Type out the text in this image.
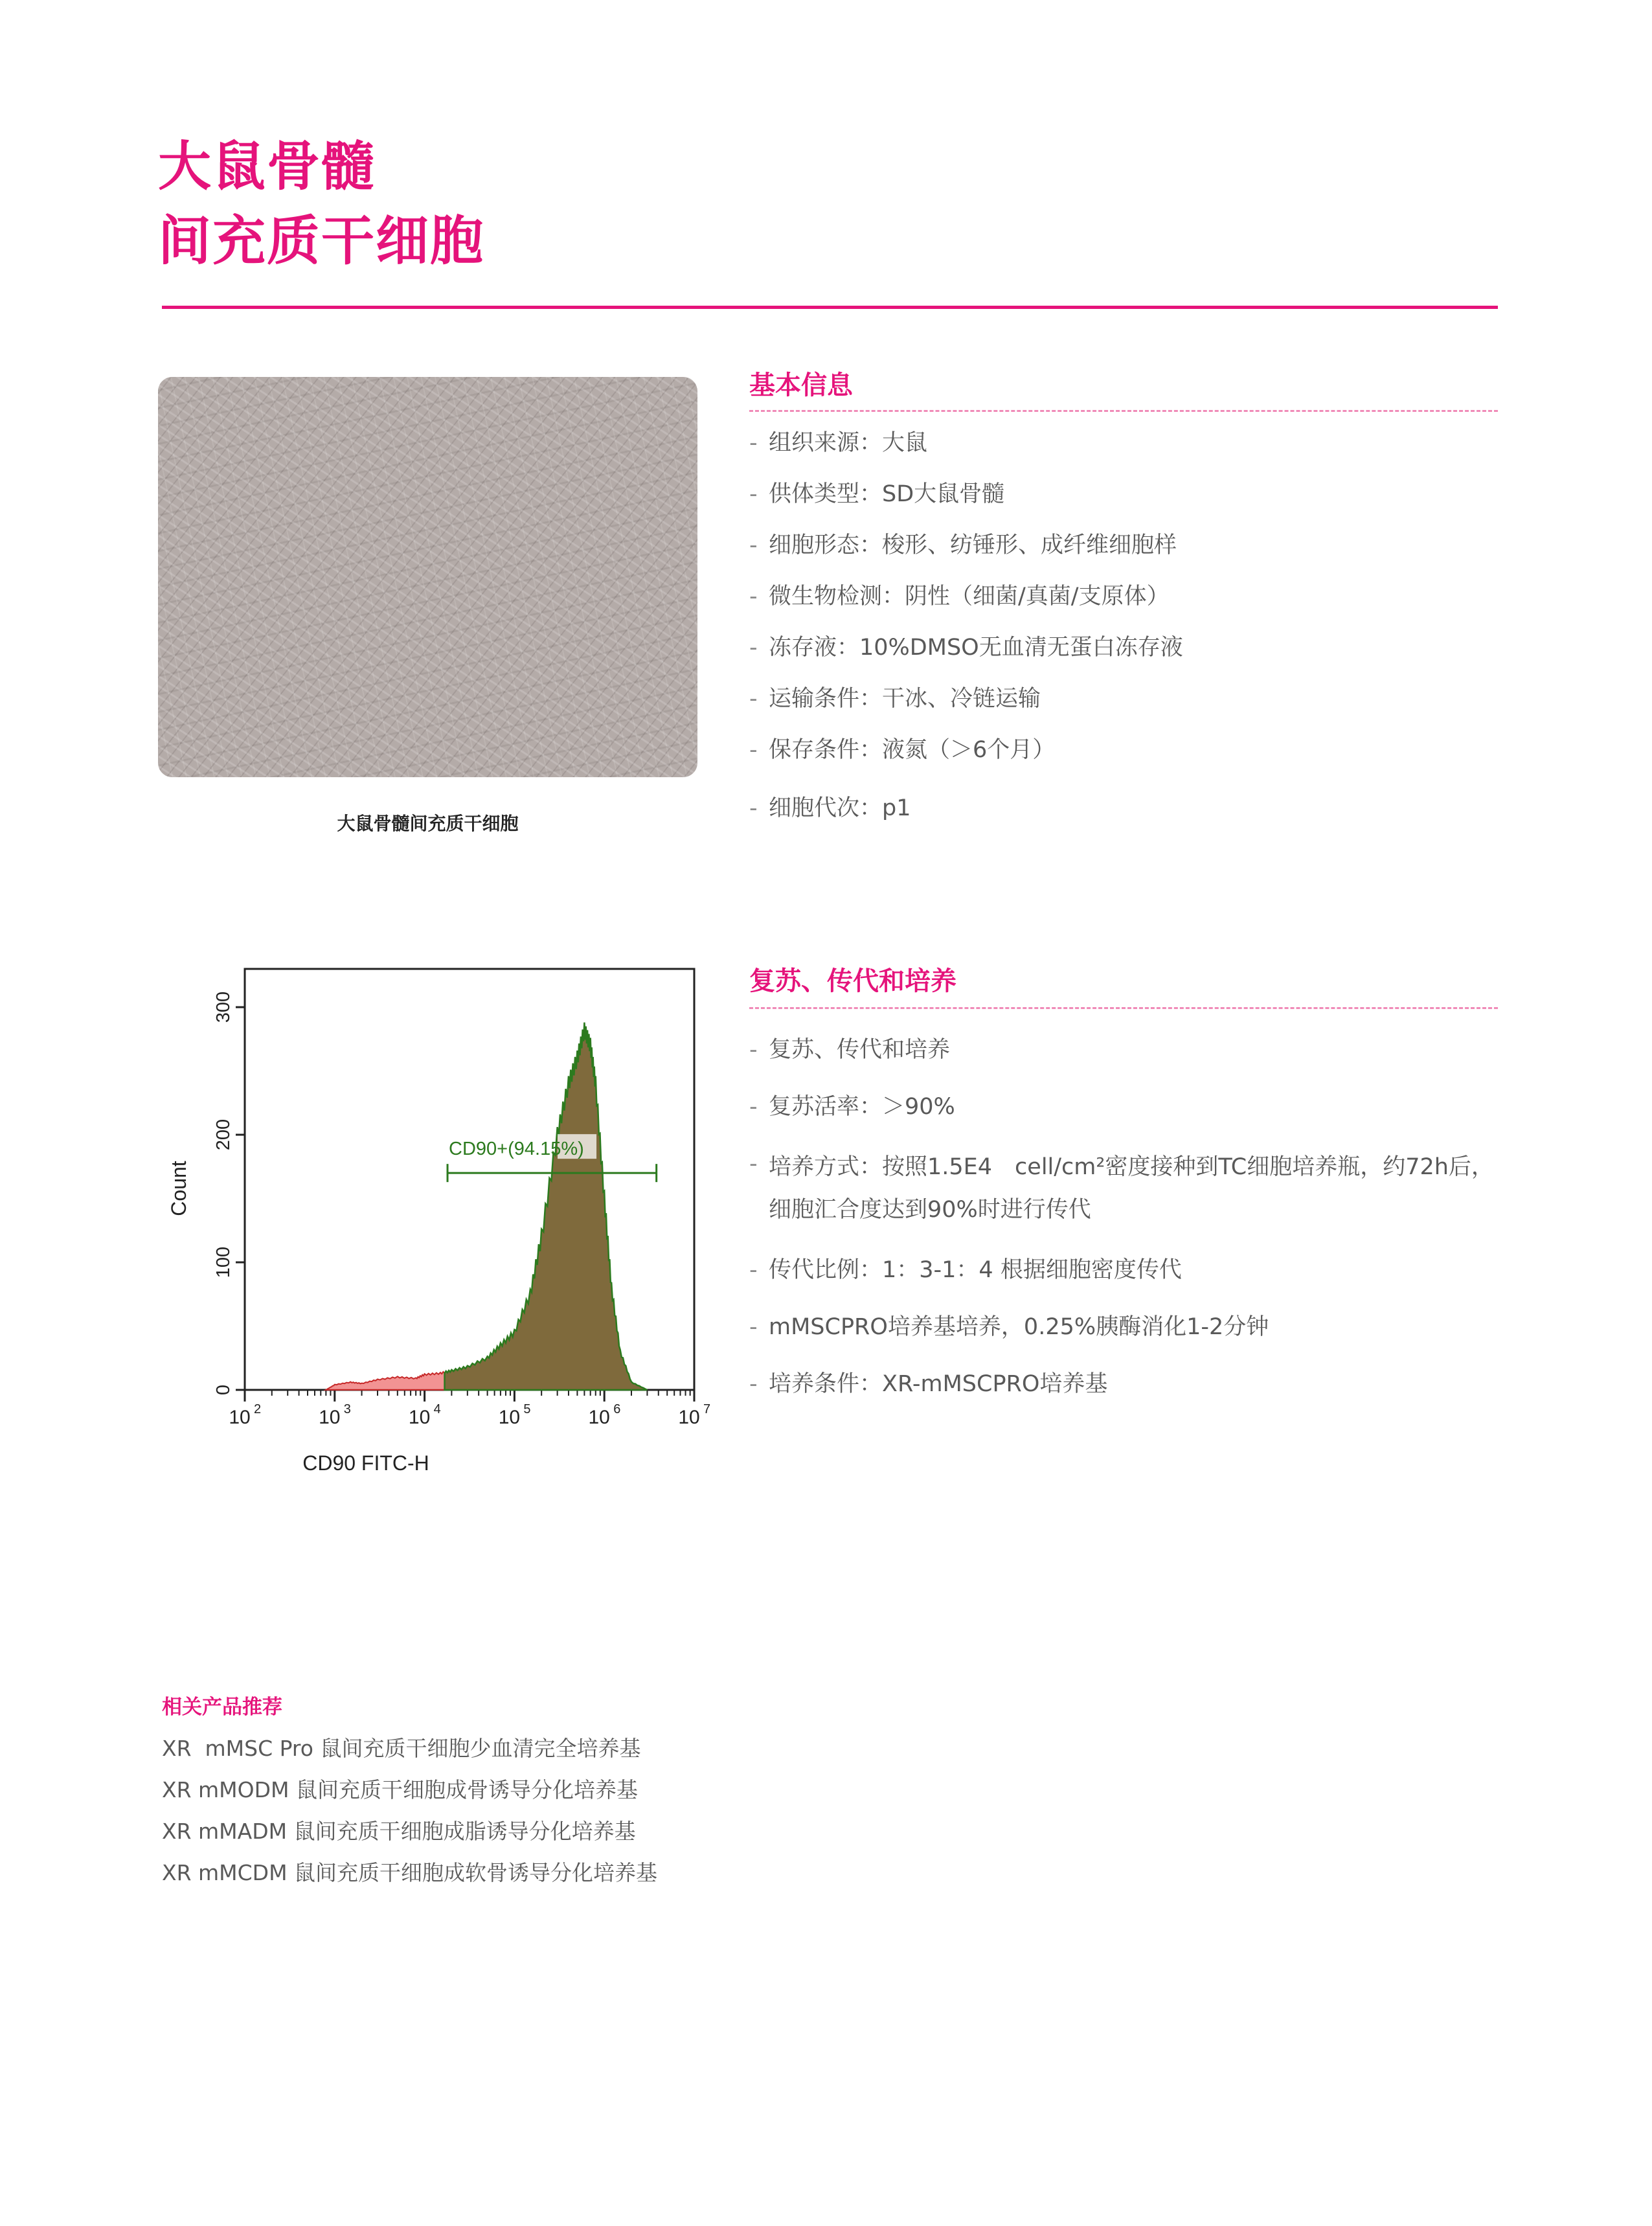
大鼠骨髓
间充质干细胞
大鼠骨髓间充质干细胞
基本信息
- 组织来源：大鼠
- 供体类型：SD大鼠骨髓
- 细胞形态：梭形、纺锤形、成纤维细胞样
- 微生物检测：阴性（细菌/真菌/支原体）
- 冻存液：10%DMSO无血清无蛋白冻存液
- 运输条件：干冰、冷链运输
- 保存条件：液氮（＞6个月）
- 细胞代次：p1
复苏、传代和培养
- 复苏、传代和培养
- 复苏活率：＞90%
- 培养方式：按照1.5E4　cell/cm²密度接种到TC细胞培养瓶，约72h后，细胞汇合度达到90%时进行传代
- 传代比例：1：3-1：4 根据细胞密度传代
- mMSCPRO培养基培养，0.25%胰酶消化1-2分钟
- 培养条件：XR-mMSCPRO培养基
0
100
200
300
10 2	10 3	10 4	10 5	10 6	10 7
CD90+(94.15%)
Count
CD90 FITC-H
相关产品推荐
XR  mMSC Pro 鼠间充质干细胞少血清完全培养基
XR mMODM 鼠间充质干细胞成骨诱导分化培养基
XR mMADM 鼠间充质干细胞成脂诱导分化培养基
XR mMCDM 鼠间充质干细胞成软骨诱导分化培养基
